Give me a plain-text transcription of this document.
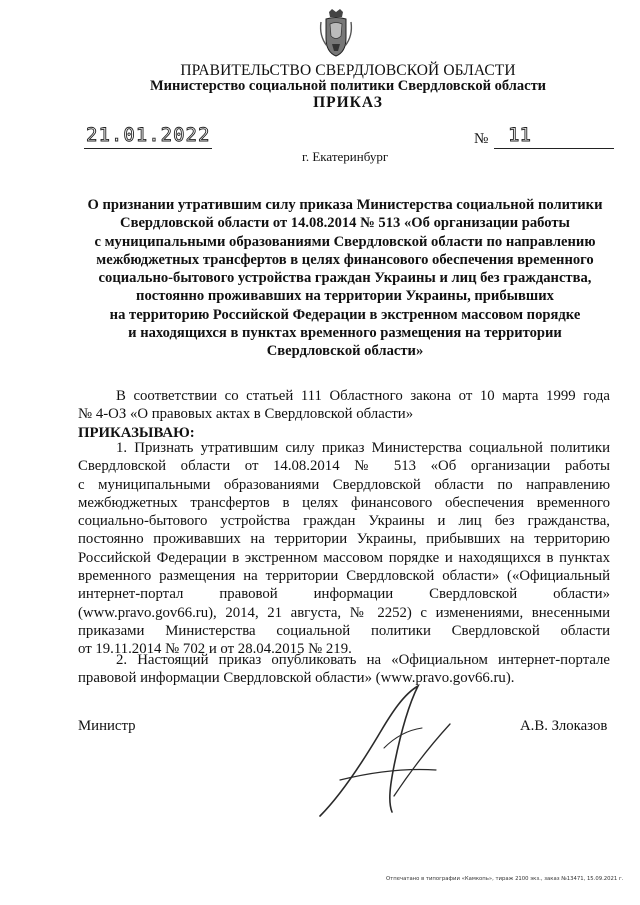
ПРАВИТЕЛЬСТВО СВЕРДЛОВСКОЙ ОБЛАСТИ
Министерство социальной политики Свердловской области
ПРИКАЗ
21.01.2022	№ 11
г. Екатеринбург
О признании утратившим силу приказа Министерства социальной политики
Свердловской области от 14.08.2014 № 513 «Об организации работы
с муниципальными образованиями Свердловской области по направлению
межбюджетных трансфертов в целях финансового обеспечения временного
социально-бытового устройства граждан Украины и лиц без гражданства,
постоянно проживавших на территории Украины, прибывших
на территорию Российской Федерации в экстренном массовом порядке
и находящихся в пунктах временного размещения на территории
Свердловской области»
В соответствии со статьей 111 Областного закона от 10 марта 1999 года
№ 4-ОЗ «О правовых актах в Свердловской области»
ПРИКАЗЫВАЮ:
1. Признать утратившим силу приказ Министерства социальной политики
Свердловской области от 14.08.2014 № 513 «Об организации работы
с муниципальными образованиями Свердловской области по направлению
межбюджетных трансфертов в целях финансового обеспечения временного
социально-бытового устройства граждан Украины и лиц без гражданства,
постоянно проживавших на территории Украины, прибывших на территорию
Российской Федерации в экстренном массовом порядке и находящихся в пунктах
временного размещения на территории Свердловской области» («Официальный
интернет-портал правовой информации Свердловской области»
(www.pravo.gov66.ru), 2014, 21 августа, № 2252) с изменениями, внесенными
приказами Министерства социальной политики Свердловской области
от 19.11.2014 № 702 и от 28.04.2015 № 219.
2. Настоящий приказ опубликовать на «Официальном интернет-портале
правовой информации Свердловской области» (www.pravo.gov66.ru).
Министр	А.В. Злоказов
Отпечатано в типографии «Камкопь», тираж 2100 экз., заказ №13471, 15.09.2021 г.
